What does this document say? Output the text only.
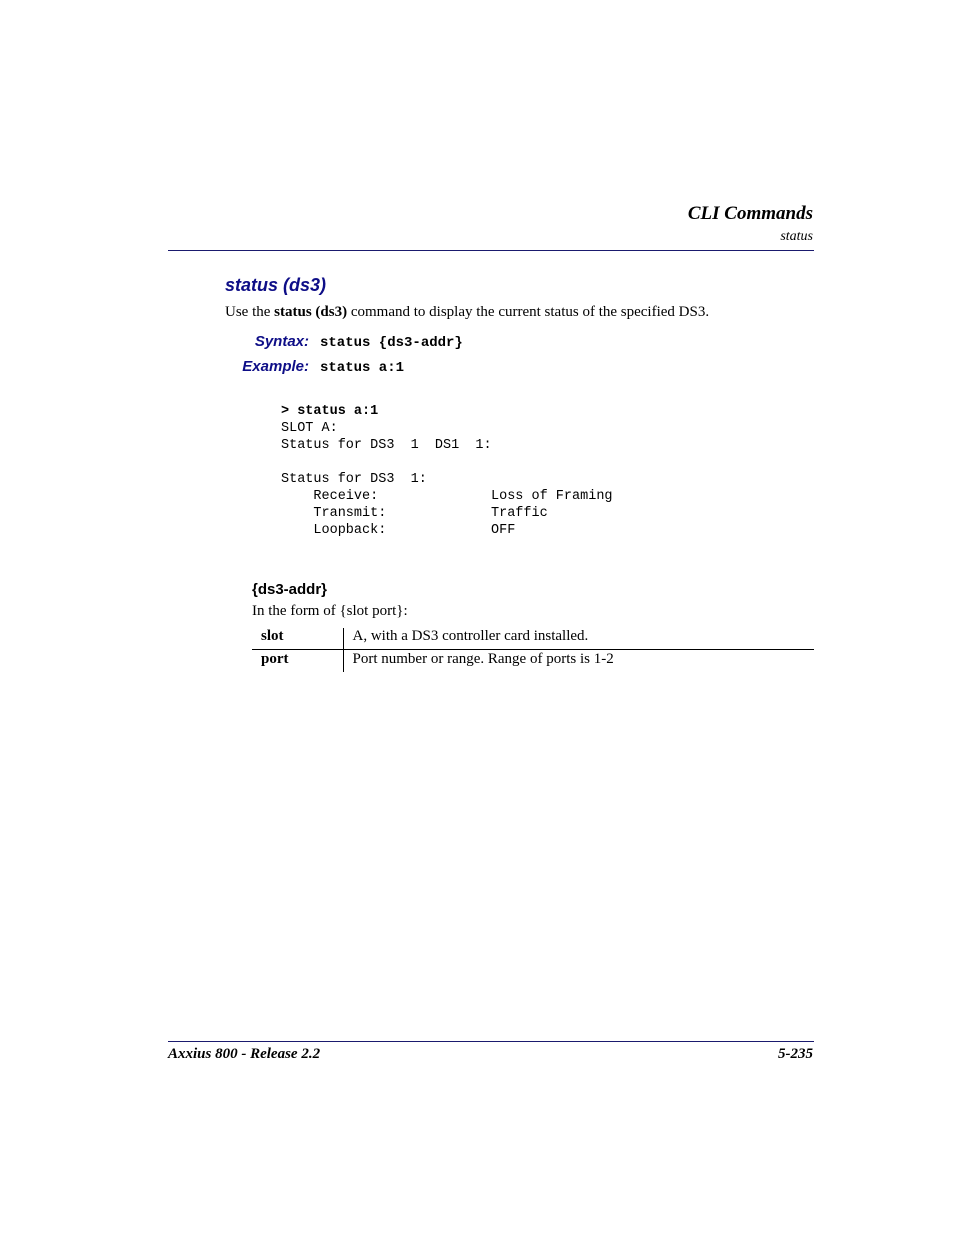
CLI Commands
status
status (ds3)
Use the status (ds3) command to display the current status of the specified DS3.
Syntax: status {ds3-addr}
Example: status a:1
> status a:1
SLOT A:
Status for DS3  1  DS1  1:
Status for DS3  1:
Receive:	Loss of Framing
Transmit:	Traffic
Loopback:	OFF
{ds3-addr}
In the form of {slot port}:
slot	A, with a DS3 controller card installed.
port	Port number or range. Range of ports is 1-2
Axxius 800 - Release 2.2	5-235
